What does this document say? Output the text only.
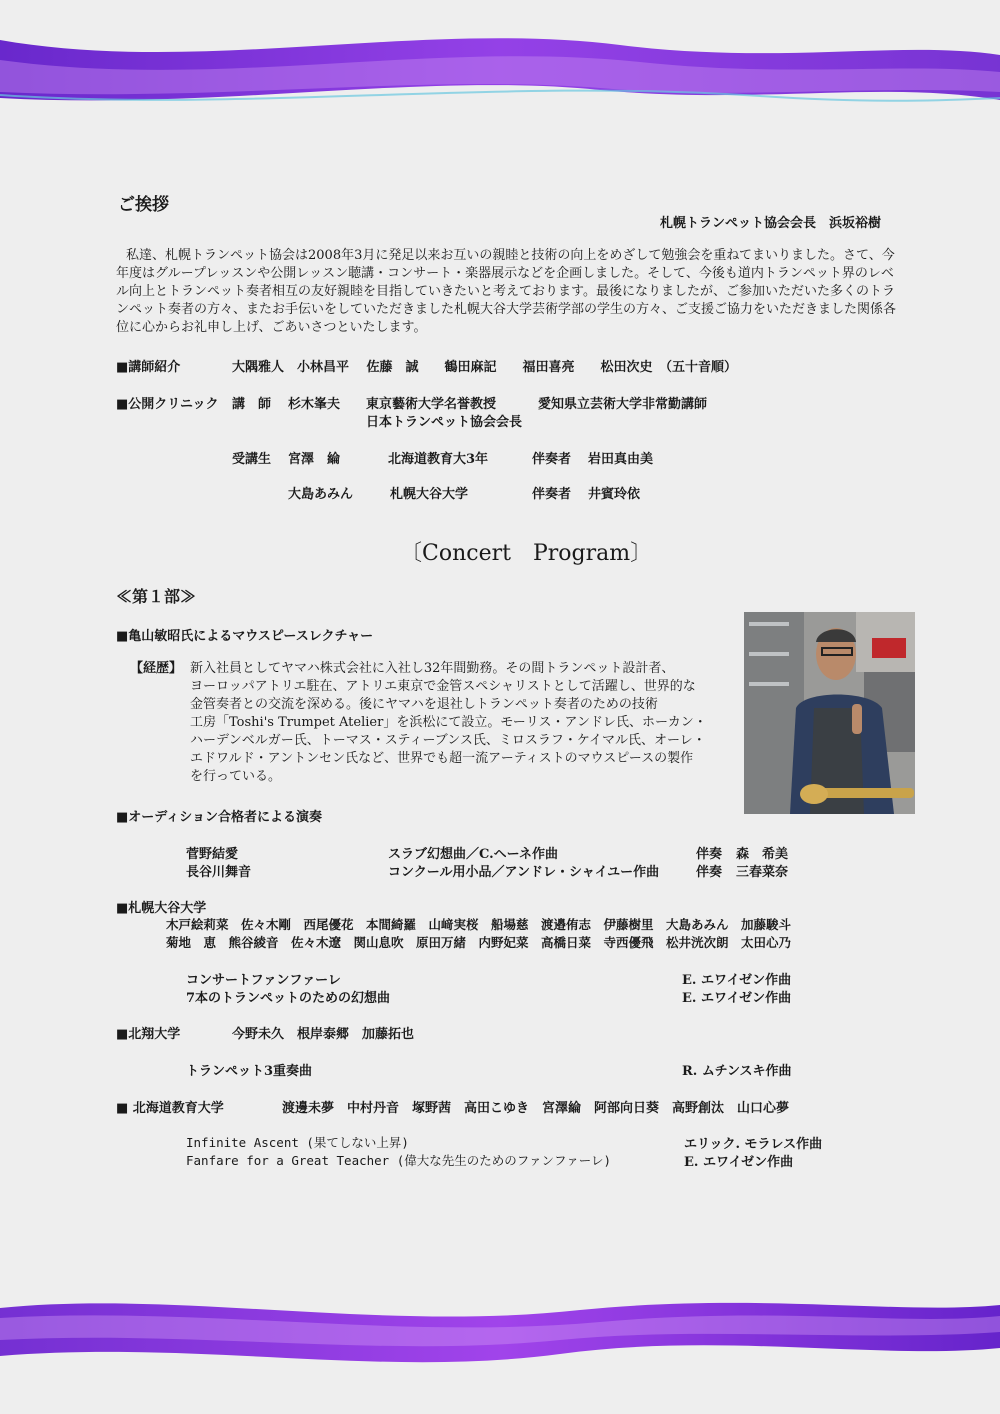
ご挨拶
札幌トランペット協会会長　浜坂裕樹
私達、札幌トランペット協会は2008年3月に発足以来お互いの親睦と技術の向上をめざして勉強会を重ねてまいりました。さて、今年度はグループレッスンや公開レッスン聴講・コンサート・楽器展示などを企画しました。そして、今後も道内トランペット界のレベル向上とトランペット奏者相互の友好親睦を目指していきたいと考えております。最後になりましたが、ご参加いただいた多くのトランペット奏者の方々、またお手伝いをしていただきました札幌大谷大学芸術学部の学生の方々、ご支援ご協力をいただきました関係各位に心からお礼申し上げ、ごあいさつといたします。
■講師紹介	大隅雅人　小林昌平　 佐藤　誠　　鶴田麻記　　福田喜亮　　松田次史　（五十音順）
■公開クリニック 講　師 杉木峯夫 東京藝術大学名誉教授	愛知県立芸術大学非常勤講師
日本トランペット協会会長
受講生 宮澤　綸	北海道教育大3年	伴奏者 岩田真由美
大島あみん	札幌大谷大学	伴奏者 井賓玲依
〔Concert　Program〕
≪第１部≫
■亀山敏昭氏によるマウスピースレクチャー
【経歴】 新入社員としてヤマハ株式会社に入社し32年間勤務。その間トランペット設計者、
ヨーロッパアトリエ駐在、アトリエ東京で金管スペシャリストとして活躍し、世界的な
金管奏者との交流を深める。後にヤマハを退社しトランペット奏者のための技術
工房「Toshi's Trumpet Atelier」を浜松にて設立。モーリス・アンドレ氏、ホーカン・
ハーデンベルガー氏、トーマス・スティーブンス氏、ミロスラフ・ケイマル氏、オーレ・
エドワルド・アントンセン氏など、世界でも超一流アーティストのマウスピースの製作
を行っている。
■オーディション合格者による演奏
菅野結愛	スラブ幻想曲／C.ヘーネ作曲	伴奏 森　希美
長谷川舞音	コンクール用小品／アンドレ・シャイユー作曲	伴奏 三春菜奈
■札幌大谷大学
木戸絵莉菜　佐々木剛　西尾優花　本間綺羅　山﨑実桜　船場慈　渡邉侑志　伊藤樹里　大島あみん　加藤駿斗
菊地　恵　熊谷綾音　佐々木遼　関山息吹　原田万緒　内野妃菜　高橋日菜　寺西優飛　松井洸次朗　太田心乃
コンサートファンファーレ	E. エワイゼン作曲
7本のトランペットのための幻想曲	E. エワイゼン作曲
■北翔大学	今野未久　根岸泰郷　加藤拓也
トランペット3重奏曲	R. ムチンスキ作曲
■ 北海道教育大学	渡邊未夢　中村丹音　塚野茜　高田こゆき　宮澤綸　阿部向日葵　高野創汰　山口心夢
Infinite Ascent (果てしない上昇)	エリック. モラレス作曲
Fanfare for a Great Teacher (偉大な先生のためのファンファーレ)	E. エワイゼン作曲
